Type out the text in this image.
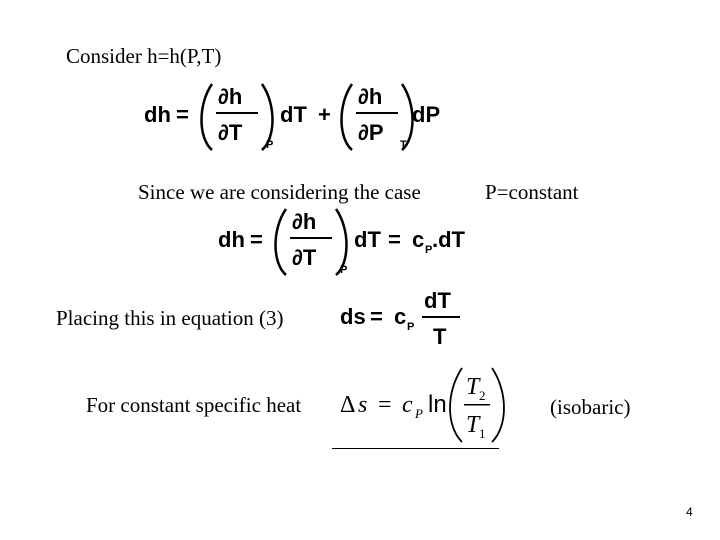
Consider h=h(P,T)
dh =
∂h
∂T P
dT +
∂h
∂P T
dP
Since we are considering the case	P=constant
dh =
∂h
∂T P
dT = c P .dT
Placing this in equation (3)	ds = c P
dT
T
For constant specific heat Δ s = c P ln
T 2
T 1
(isobaric)
4
